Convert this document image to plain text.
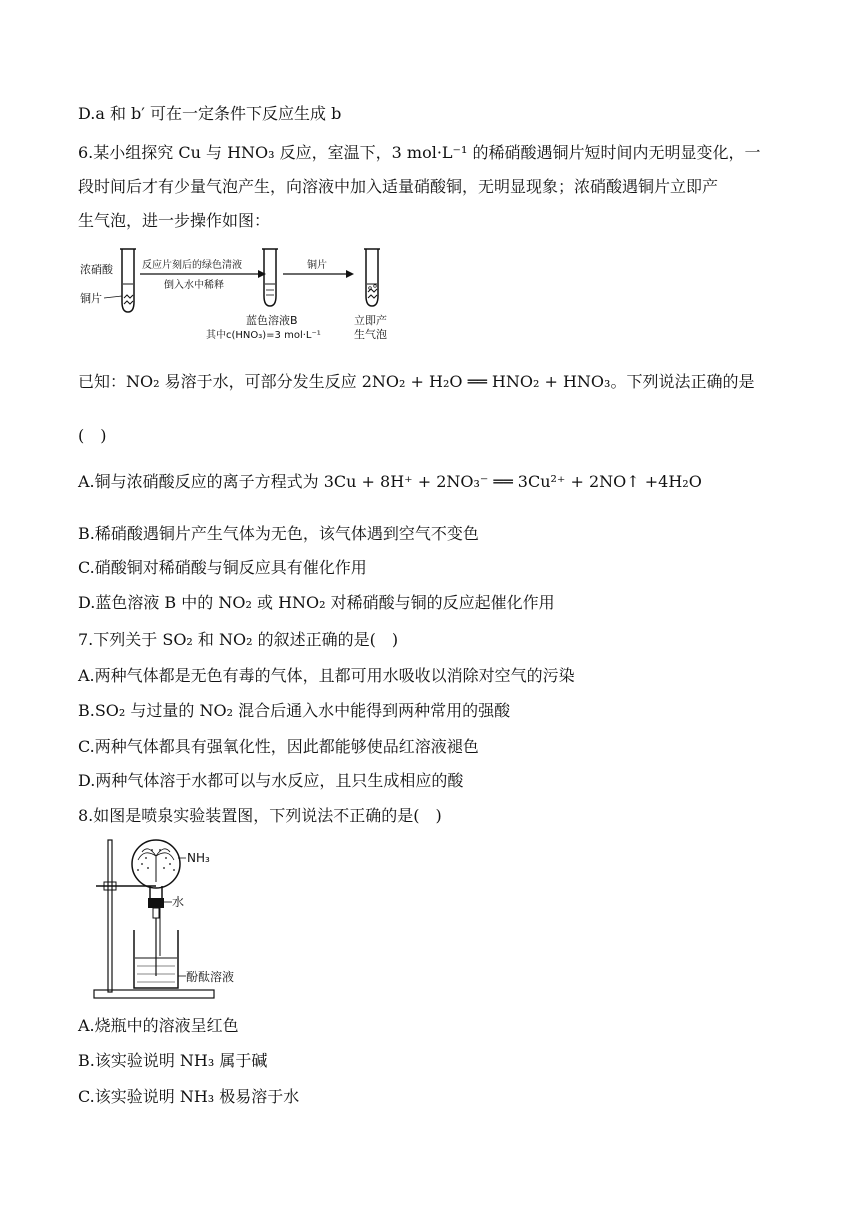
D.a 和 b′ 可在一定条件下反应生成 b
6.某小组探究 Cu 与 HNO₃ 反应，室温下，3 mol·L⁻¹ 的稀硝酸遇铜片短时间内无明显变化，一
段时间后才有少量气泡产生，向溶液中加入适量硝酸铜，无明显现象；浓硝酸遇铜片立即产
生气泡，进一步操作如图：
浓硝酸
铜片
反应片刻后的绿色清液
倒入水中稀释
蓝色溶液B
其中c(HNO₃)=3 mol·L⁻¹
铜片
立即产
生气泡
已知：NO₂ 易溶于水，可部分发生反应 2NO₂ + H₂O ══ HNO₂ + HNO₃。下列说法正确的是
(　)
A.铜与浓硝酸反应的离子方程式为 3Cu + 8H⁺ + 2NO₃⁻ ══ 3Cu²⁺ + 2NO↑ +4H₂O
B.稀硝酸遇铜片产生气体为无色，该气体遇到空气不变色
C.硝酸铜对稀硝酸与铜反应具有催化作用
D.蓝色溶液 B 中的 NO₂ 或 HNO₂ 对稀硝酸与铜的反应起催化作用
7.下列关于 SO₂ 和 NO₂ 的叙述正确的是(　)
A.两种气体都是无色有毒的气体，且都可用水吸收以消除对空气的污染
B.SO₂ 与过量的 NO₂ 混合后通入水中能得到两种常用的强酸
C.两种气体都具有强氧化性，因此都能够使品红溶液褪色
D.两种气体溶于水都可以与水反应，且只生成相应的酸
8.如图是喷泉实验装置图，下列说法不正确的是(　)
NH₃
水
酚酞溶液
A.烧瓶中的溶液呈红色
B.该实验说明 NH₃ 属于碱
C.该实验说明 NH₃ 极易溶于水
